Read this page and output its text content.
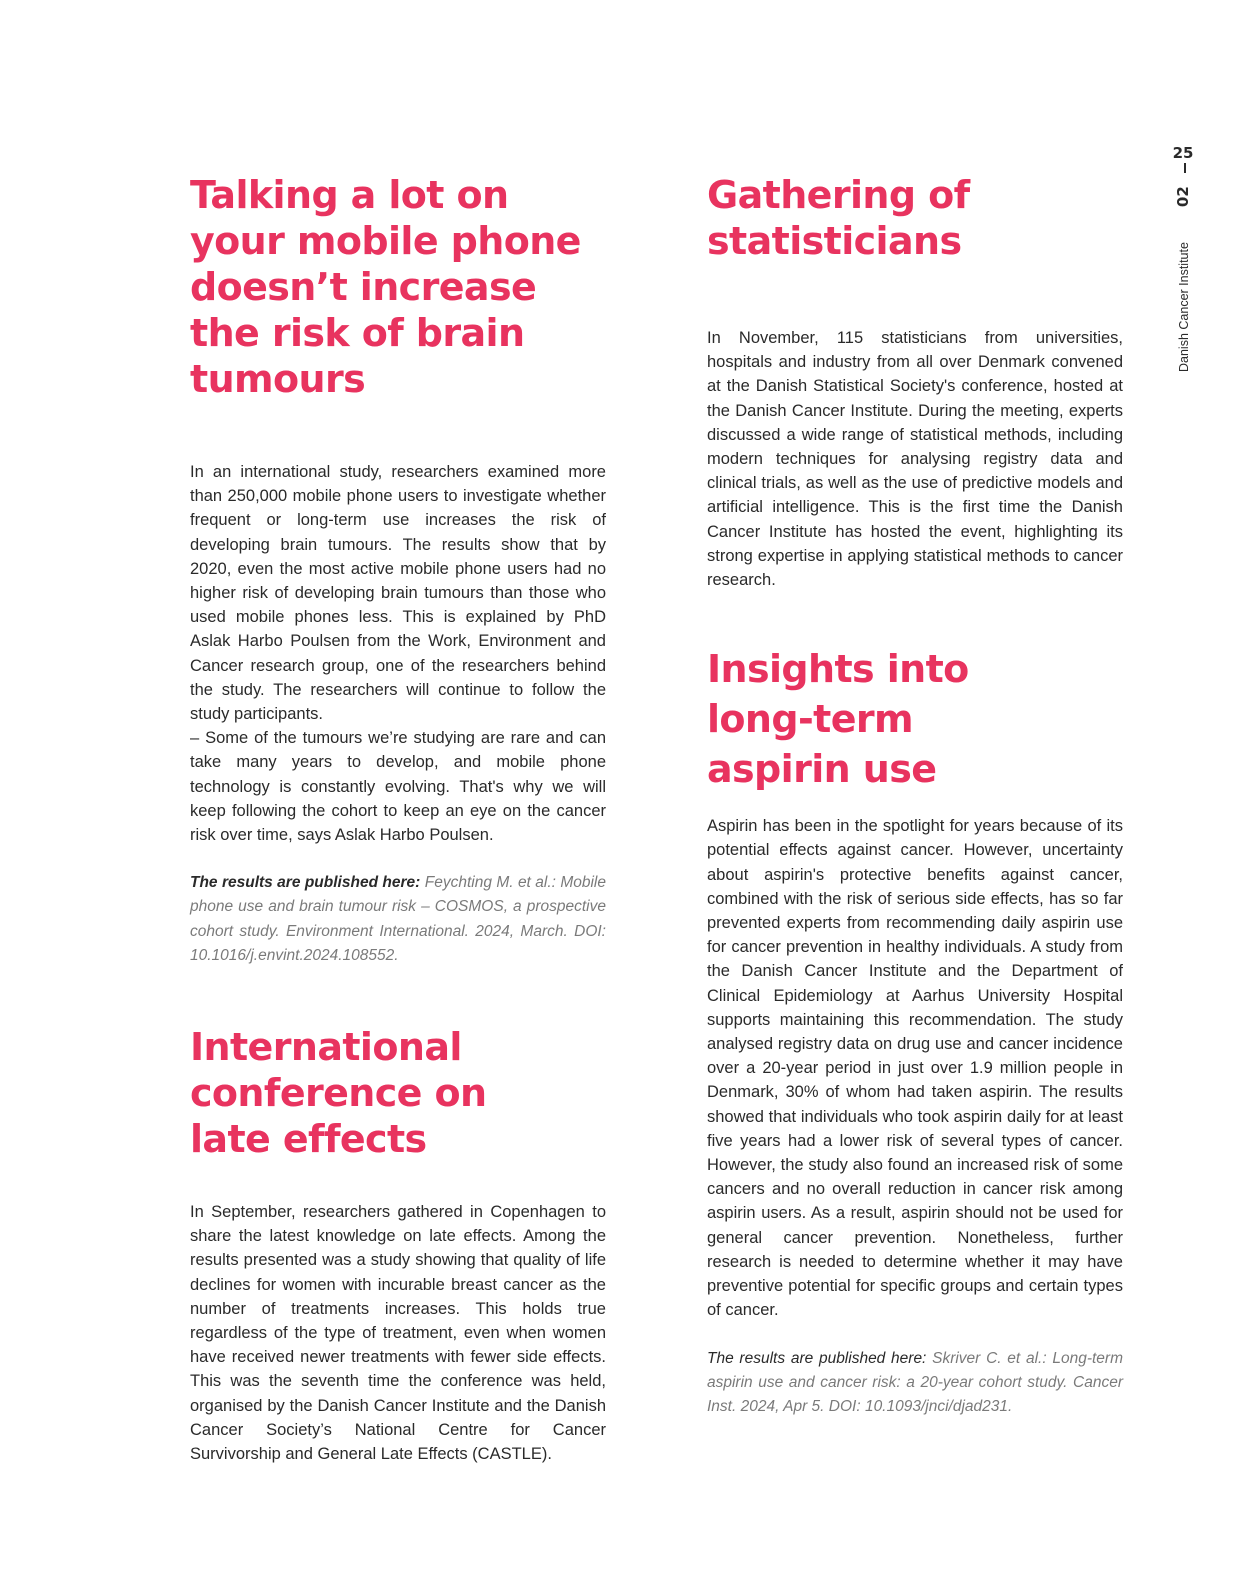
Talking a lot on your mobile phone doesn’t increase the risk of brain tumours

In an international study, researchers examined more than 250,000 mobile phone users to investigate whether frequent or long-term use increases the risk of developing brain tumours. The results show that by 2020, even the most active mobile phone users had no higher risk of developing brain tumours than those who used mobile phones less. This is explained by PhD Aslak Harbo Poulsen from the Work, Environment and Cancer research group, one of the researchers behind the study. The researchers will continue to follow the study participants.

– Some of the tumours we’re studying are rare and can take many years to develop, and mobile phone technology is constantly evolving. That's why we will keep following the cohort to keep an eye on the cancer risk over time, says Aslak Harbo Poulsen.

The results are published here: Feychting M. et al.: Mobile phone use and brain tumour risk – COSMOS, a prospective cohort study. Environment International. 2024, March. DOI: 10.1016/j.envint.2024.108552.

International conference on late effects

In September, researchers gathered in Copenhagen to share the latest knowledge on late effects. Among the results presented was a study showing that quality of life declines for women with incurable breast cancer as the number of treatments increases. This holds true regardless of the type of treatment, even when women have received newer treatments with fewer side effects. This was the seventh time the conference was held, organised by the Danish Cancer Institute and the Danish Cancer Society’s National Centre for Cancer Survivorship and General Late Effects (CASTLE).

Gathering of statisticians

In November, 115 statisticians from universities, hospitals and industry from all over Denmark convened at the Danish Statistical Society's conference, hosted at the Danish Cancer Institute. During the meeting, experts discussed a wide range of statistical methods, including modern techniques for analysing registry data and clinical trials, as well as the use of predictive models and artificial intelligence. This is the first time the Danish Cancer Institute has hosted the event, highlighting its strong expertise in applying statistical methods to cancer research.

Insights into long-term aspirin use

Aspirin has been in the spotlight for years because of its potential effects against cancer. However, uncertainty about aspirin's protective benefits against cancer, combined with the risk of serious side effects, has so far prevented experts from recommending daily aspirin use for cancer prevention in healthy individuals. A study from the Danish Cancer Institute and the Department of Clinical Epidemiology at Aarhus University Hospital supports maintaining this recommendation. The study analysed registry data on drug use and cancer incidence over a 20-year period in just over 1.9 million people in Denmark, 30% of whom had taken aspirin. The results showed that individuals who took aspirin daily for at least five years had a lower risk of several types of cancer. However, the study also found an increased risk of some cancers and no overall reduction in cancer risk among aspirin users. As a result, aspirin should not be used for general cancer prevention. Nonetheless, further research is needed to determine whether it may have preventive potential for specific groups and certain types of cancer.

The results are published here: Skriver C. et al.: Long-term aspirin use and cancer risk: a 20-year cohort study. Cancer Inst. 2024, Apr 5. DOI: 10.1093/jnci/djad231.

25
Danish Cancer Institute  02
